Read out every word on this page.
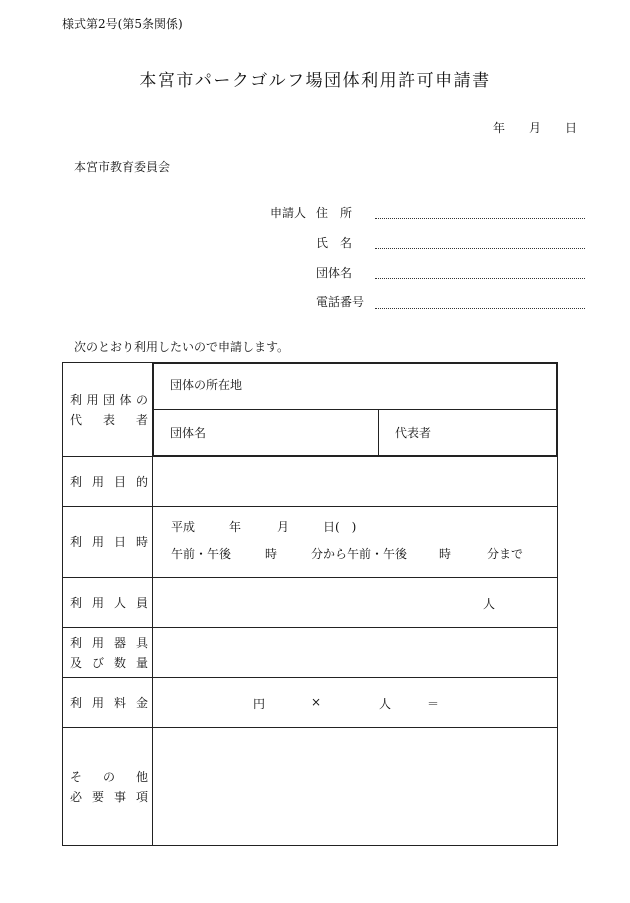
様式第2号(第5条関係)
本宮市パークゴルフ場団体利用許可申請書
年 月 日
本宮市教育委員会
申請人 住　所
氏　名
団体名
電話番号
次のとおり利用したいので申請します。
利 用 団 体 の
代 表 者

団体の所在地
団体名	代表者

利 用 目 的

利 用 日 時

平成	年	月	日(　)
午前・午後	時	分から午前・午後	時	分まで

利 用 人 員	人

利 用 器 具
及 び 数 量

利 用 料 金	円	×	人	＝

そ の 他
必 要 事 項
